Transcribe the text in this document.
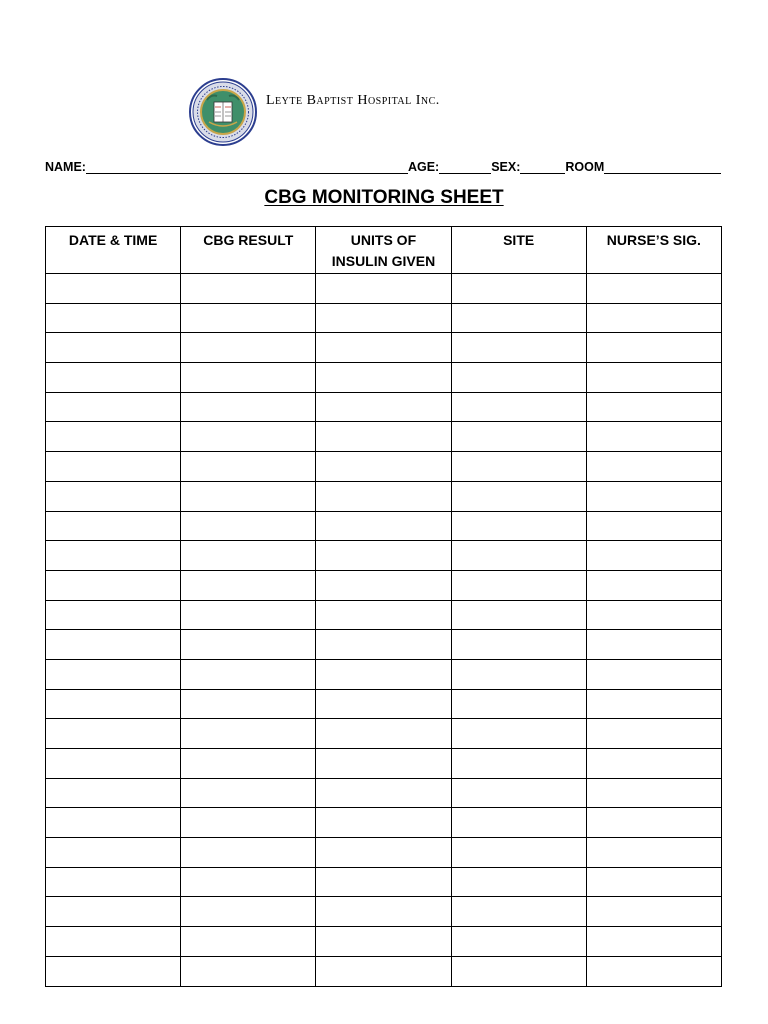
Leyte Baptist Hospital Inc.
NAME:	AGE:	SEX:	ROOM
CBG MONITORING SHEET
DATE & TIME	CBG RESULT	UNITS OF INSULIN GIVEN	SITE	NURSE’S SIG.
